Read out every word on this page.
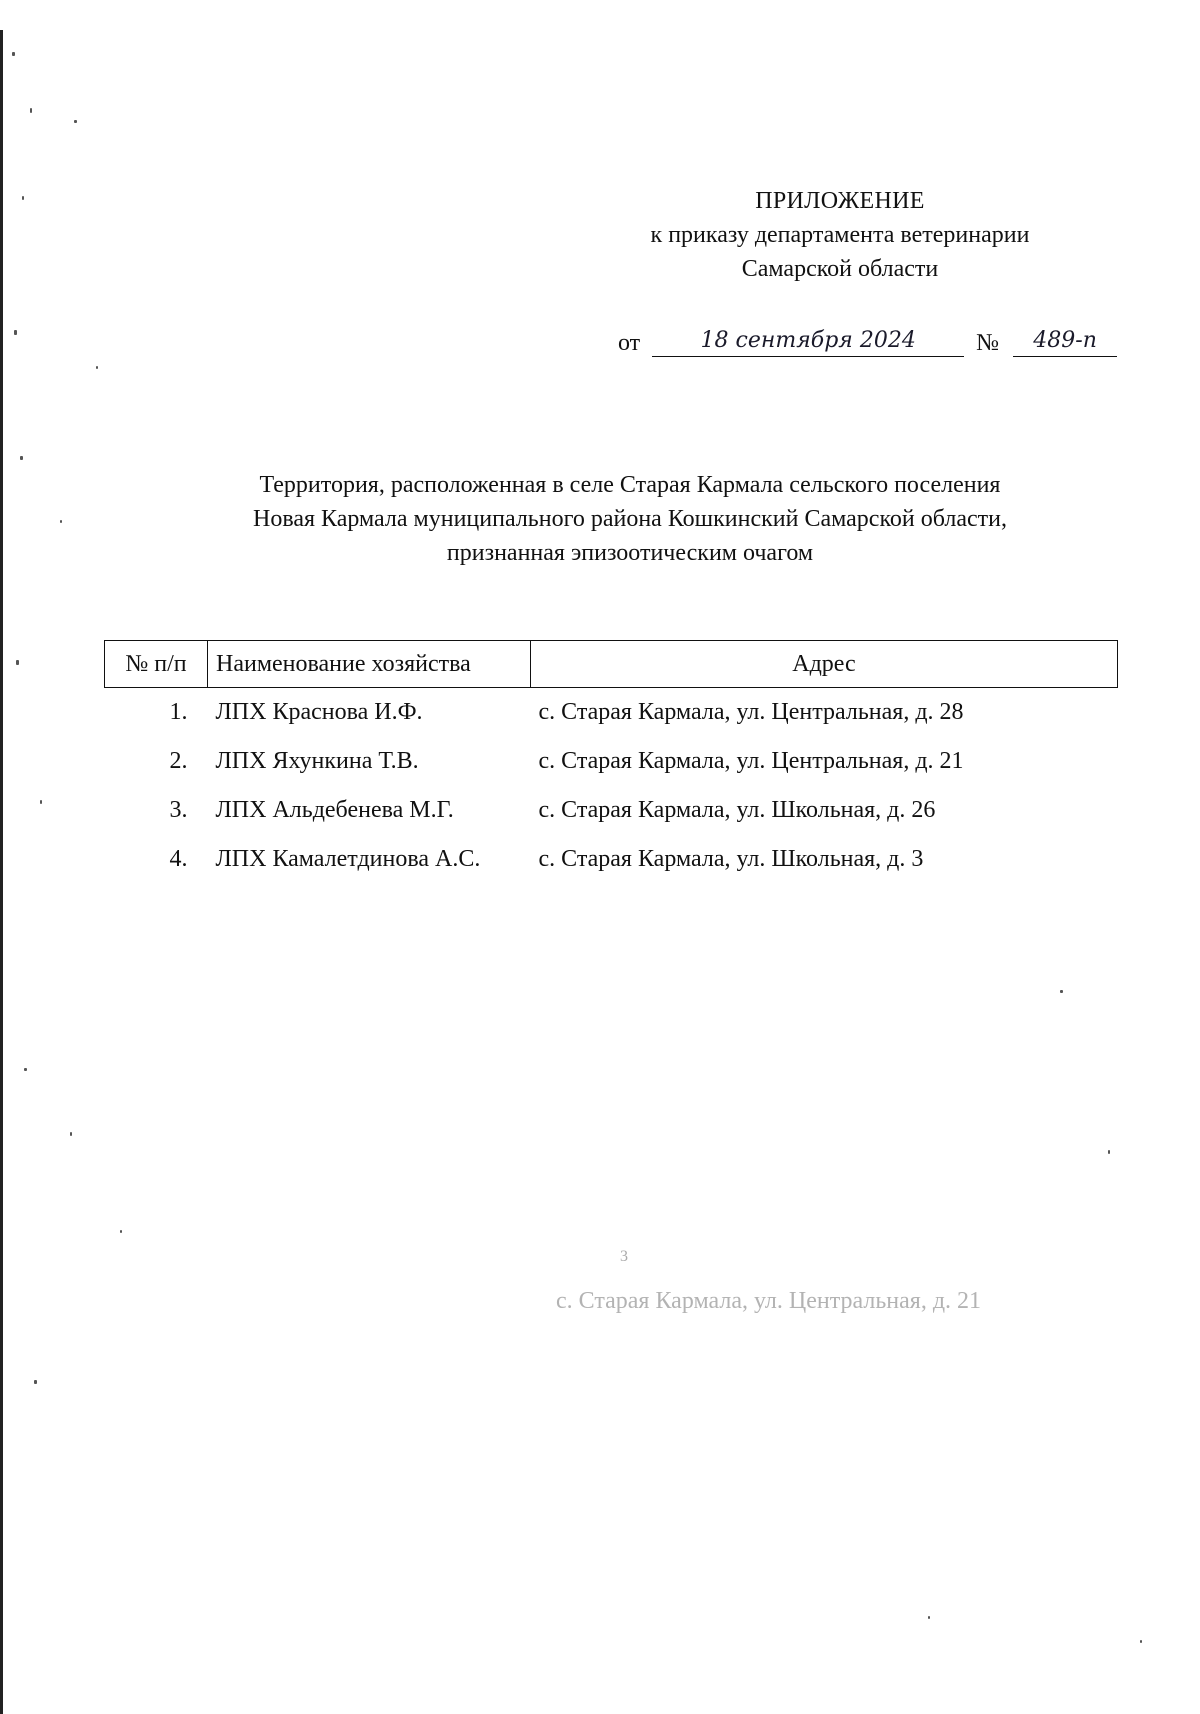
ПРИЛОЖЕНИЕ
к приказу департамента ветеринарии
Самарской области
от	18 сентября 2024	№ 489-п
Территория, расположенная в селе Старая Кармала сельского поселения
Новая Кармала муниципального района Кошкинский Самарской области,
признанная эпизоотическим очагом
№ п/п	Наименование хозяйства	Адрес
1.	ЛПХ Краснова И.Ф.	с. Старая Кармала, ул. Центральная, д. 28
2.	ЛПХ Яхункина Т.В.	с. Старая Кармала, ул. Центральная, д. 21
3.	ЛПХ Альдебенева М.Г.	с. Старая Кармала, ул. Школьная, д. 26
4.	ЛПХ Камалетдинова А.С.	с. Старая Кармала, ул. Школьная, д. 3
3
с. Старая Кармала, ул. Центральная, д. 21
